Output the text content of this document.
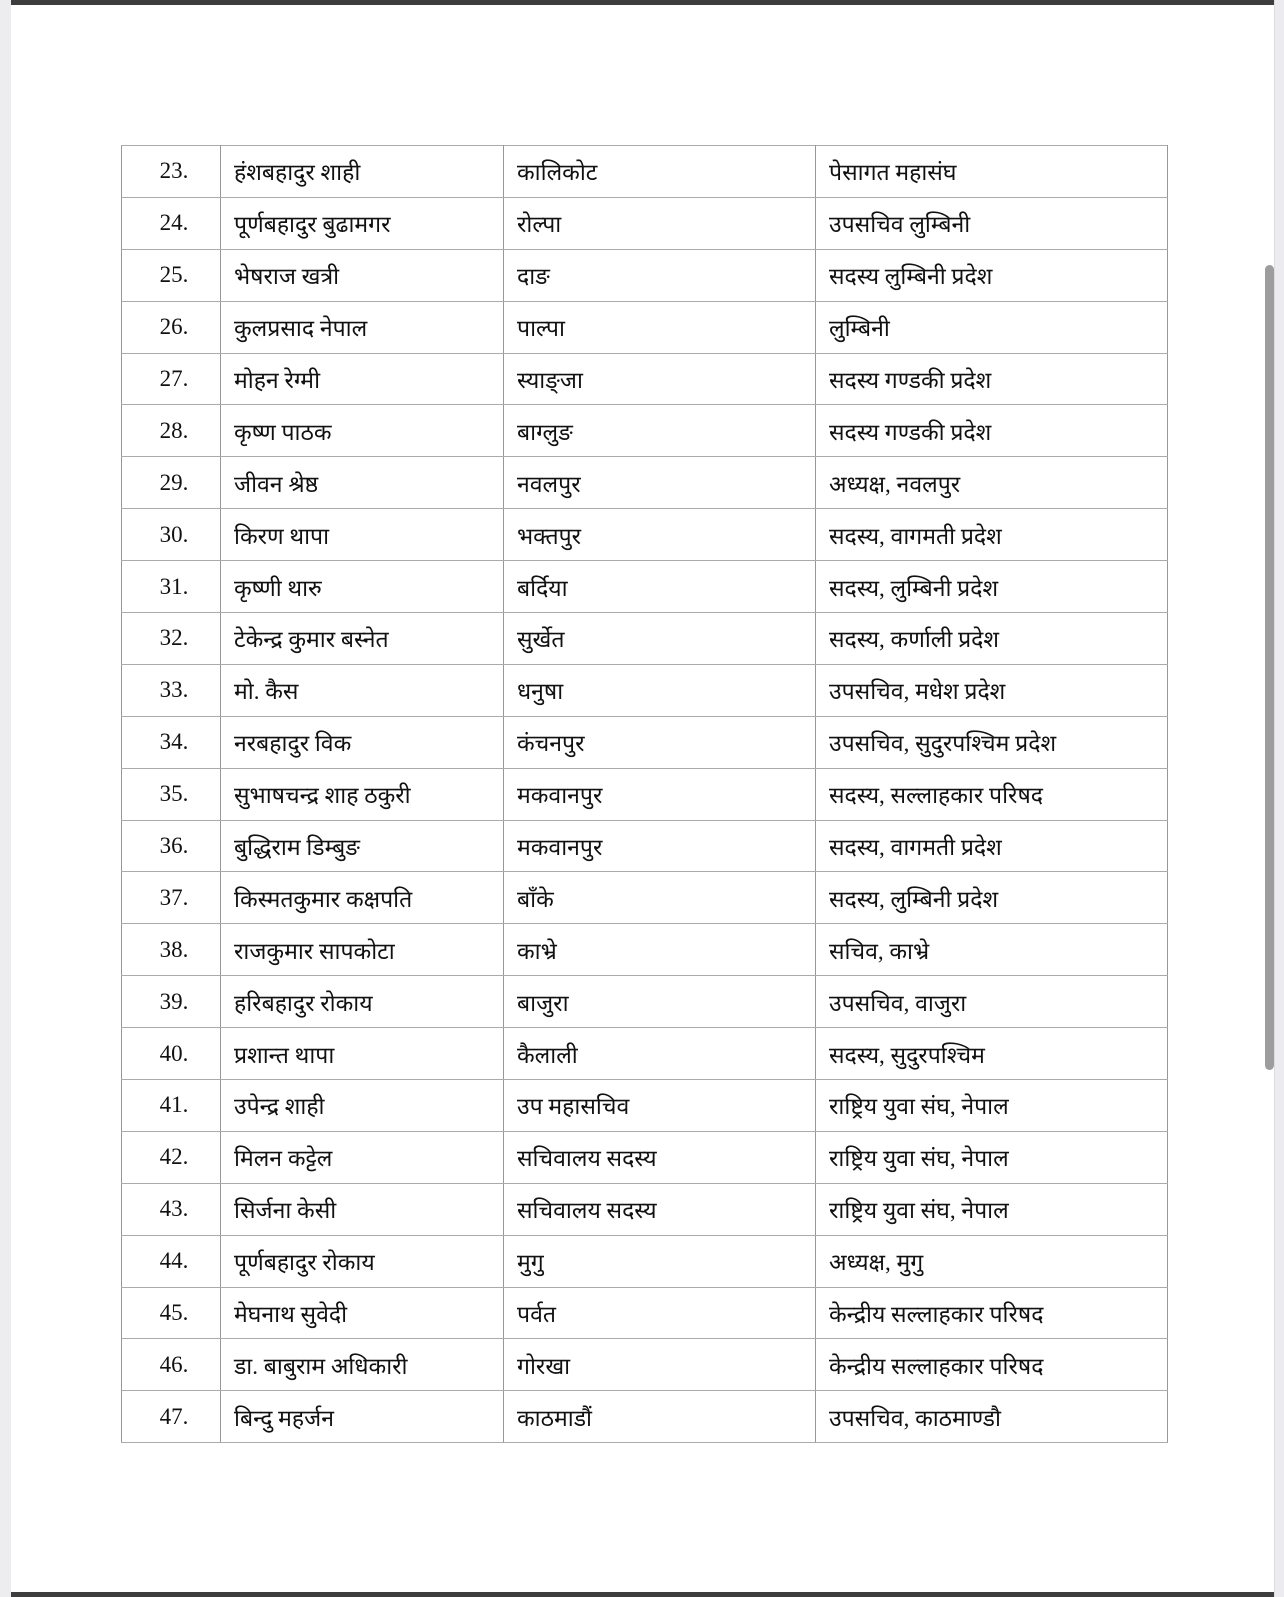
23.	हंशबहादुर शाही	कालिकोट	पेसागत महासंघ
24.	पूर्णबहादुर बुढामगर	रोल्पा	उपसचिव लुम्बिनी
25.	भेषराज खत्री	दाङ	सदस्य लुम्बिनी प्रदेश
26.	कुलप्रसाद नेपाल	पाल्पा	लुम्बिनी
27.	मोहन रेग्मी	स्याङ्जा	सदस्य गण्डकी प्रदेश
28.	कृष्ण पाठक	बाग्लुङ	सदस्य गण्डकी प्रदेश
29.	जीवन श्रेष्ठ	नवलपुर	अध्यक्ष, नवलपुर
30.	किरण थापा	भक्तपुर	सदस्य, वागमती प्रदेश
31.	कृष्णी थारु	बर्दिया	सदस्य, लुम्बिनी प्रदेश
32.	टेकेन्द्र कुमार बस्नेत	सुर्खेत	सदस्य, कर्णाली प्रदेश
33.	मो. कैस	धनुषा	उपसचिव, मधेश प्रदेश
34.	नरबहादुर विक	कंचनपुर	उपसचिव, सुदुरपश्चिम प्रदेश
35.	सुभाषचन्द्र शाह ठकुरी	मकवानपुर	सदस्य, सल्लाहकार परिषद
36.	बुद्धिराम डिम्बुङ	मकवानपुर	सदस्य, वागमती प्रदेश
37.	किस्मतकुमार कक्षपति	बाँके	सदस्य, लुम्बिनी प्रदेश
38.	राजकुमार सापकोटा	काभ्रे	सचिव, काभ्रे
39.	हरिबहादुर रोकाय	बाजुरा	उपसचिव, वाजुरा
40.	प्रशान्त थापा	कैलाली	सदस्य, सुदुरपश्चिम
41.	उपेन्द्र शाही	उप महासचिव	राष्ट्रिय युवा संघ, नेपाल
42.	मिलन कट्टेल	सचिवालय सदस्य	राष्ट्रिय युवा संघ, नेपाल
43.	सिर्जना केसी	सचिवालय सदस्य	राष्ट्रिय युवा संघ, नेपाल
44.	पूर्णबहादुर रोकाय	मुगु	अध्यक्ष, मुगु
45.	मेघनाथ सुवेदी	पर्वत	केन्द्रीय सल्लाहकार परिषद
46.	डा. बाबुराम अधिकारी	गोरखा	केन्द्रीय सल्लाहकार परिषद
47.	बिन्दु महर्जन	काठमाडौं	उपसचिव, काठमाण्डौ
